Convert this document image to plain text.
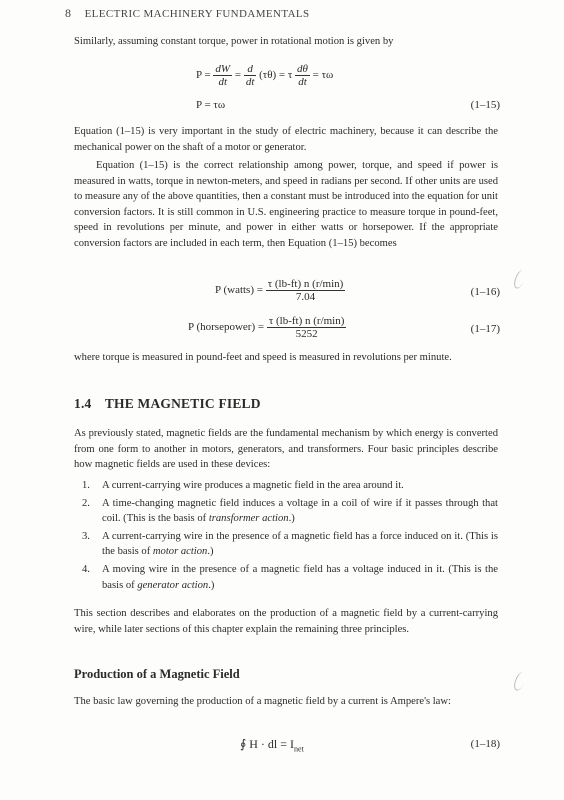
8 ELECTRIC MACHINERY FUNDAMENTALS
Similarly, assuming constant torque, power in rotational motion is given by
$P = \frac{dW}{dt} = \frac{d}{dt} (\tau\theta) = \tau \frac{d\theta}{dt} = \tau\omega$
P = τω	(1–15)
Equation (1–15) is very important in the study of electric machinery, because it can describe the mechanical power on the shaft of a motor or generator.
Equation (1–15) is the correct relationship among power, torque, and speed if power is measured in watts, torque in newton-meters, and speed in radians per second. If other units are used to measure any of the above quantities, then a constant must be introduced into the equation for unit conversion factors. It is still common in U.S. engineering practice to measure torque in pound-feet, speed in revolutions per minute, and power in either watts or horsepower. If the appropriate conversion factors are included in each term, then Equation (1–15) becomes
P (watts) = $\frac{\tau (lb-ft) n (r/\min)}{7.04}$	(1–16)
P (horsepower) = $\frac{\tau (lb-ft) n (r/\min)}{5252}$	(1–17)
where torque is measured in pound-feet and speed is measured in revolutions per minute.
1.4 THE MAGNETIC FIELD
As previously stated, magnetic fields are the fundamental mechanism by which energy is converted from one form to another in motors, generators, and transformers. Four basic principles describe how magnetic fields are used in these devices:
1. A current-carrying wire produces a magnetic field in the area around it.
2. A time-changing magnetic field induces a voltage in a coil of wire if it passes through that coil. (This is the basis of transformer action.)
3. A current-carrying wire in the presence of a magnetic field has a force induced on it. (This is the basis of motor action.)
4. A moving wire in the presence of a magnetic field has a voltage induced in it. (This is the basis of generator action.)
This section describes and elaborates on the production of a magnetic field by a current-carrying wire, while later sections of this chapter explain the remaining three principles.
Production of a Magnetic Field
The basic law governing the production of a magnetic field by a current is Ampere's law:
∮ H · dl = $I_{net}$	(1–18)
